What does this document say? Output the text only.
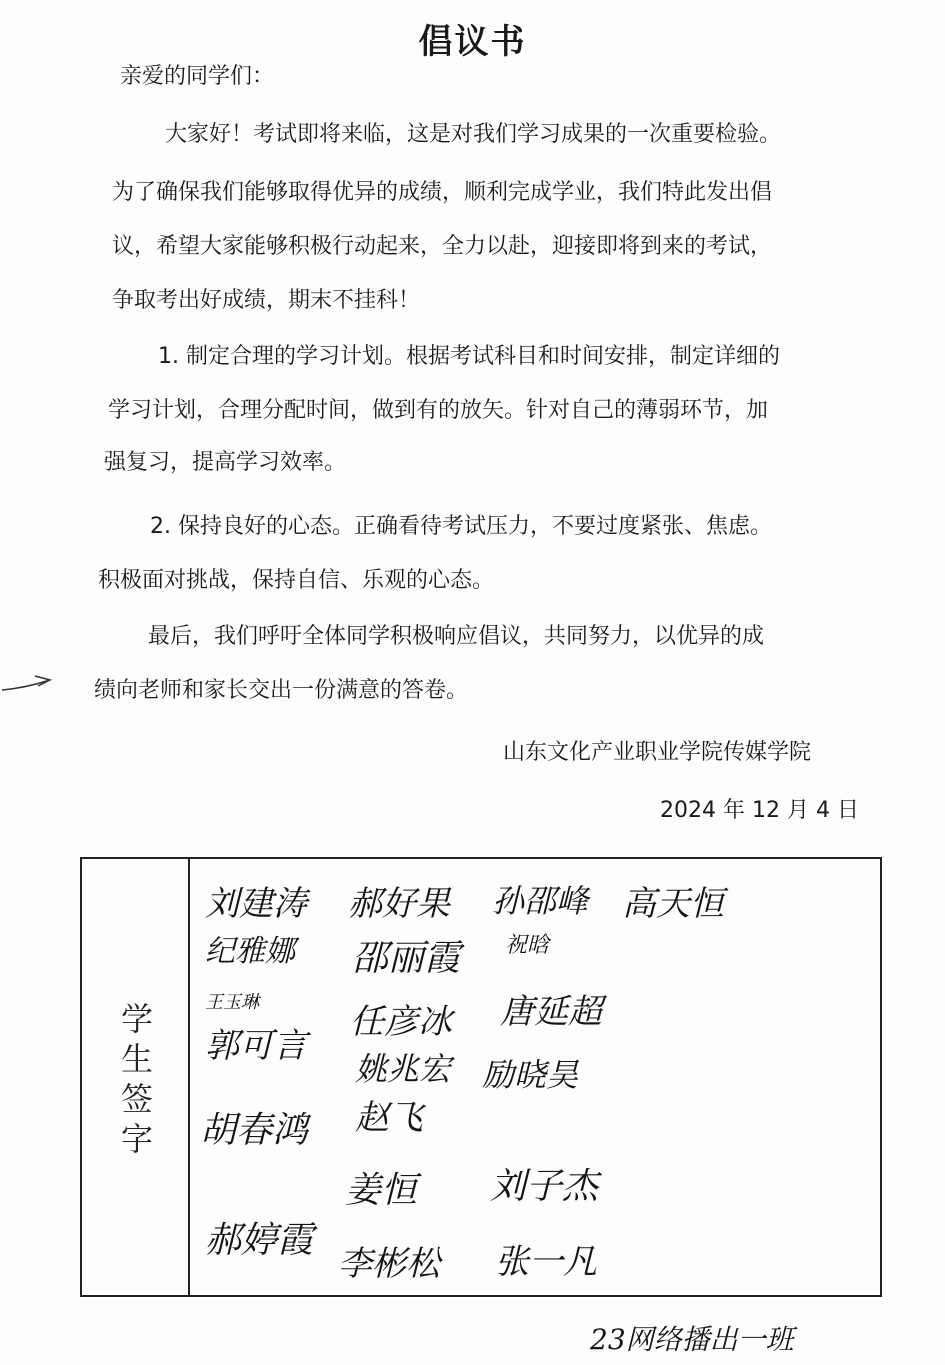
倡议书
亲爱的同学们：
大家好！考试即将来临，这是对我们学习成果的一次重要检验。
为了确保我们能够取得优异的成绩，顺利完成学业，我们特此发出倡
议，希望大家能够积极行动起来，全力以赴，迎接即将到来的考试，
争取考出好成绩，期末不挂科！
1. 制定合理的学习计划。根据考试科目和时间安排，制定详细的
学习计划，合理分配时间，做到有的放矢。针对自己的薄弱环节，加
强复习，提高学习效率。
2. 保持良好的心态。正确看待考试压力，不要过度紧张、焦虑。
积极面对挑战，保持自信、乐观的心态。
最后，我们呼吁全体同学积极响应倡议，共同努力，以优异的成
绩向老师和家长交出一份满意的答卷。
山东文化产业职业学院传媒学院
2024 年 12 月 4 日
学
生
签
字
刘建涛 郝好果 孙邵峰 高天恒
纪雅娜 邵丽霞 祝晗
王玉琳
郭可言
任彦冰 唐延超
姚兆宏 励晓昊
胡春鸿 赵飞
姜恒 刘子杰
郝婷霞
李彬松 张一凡
23网络播出一班
